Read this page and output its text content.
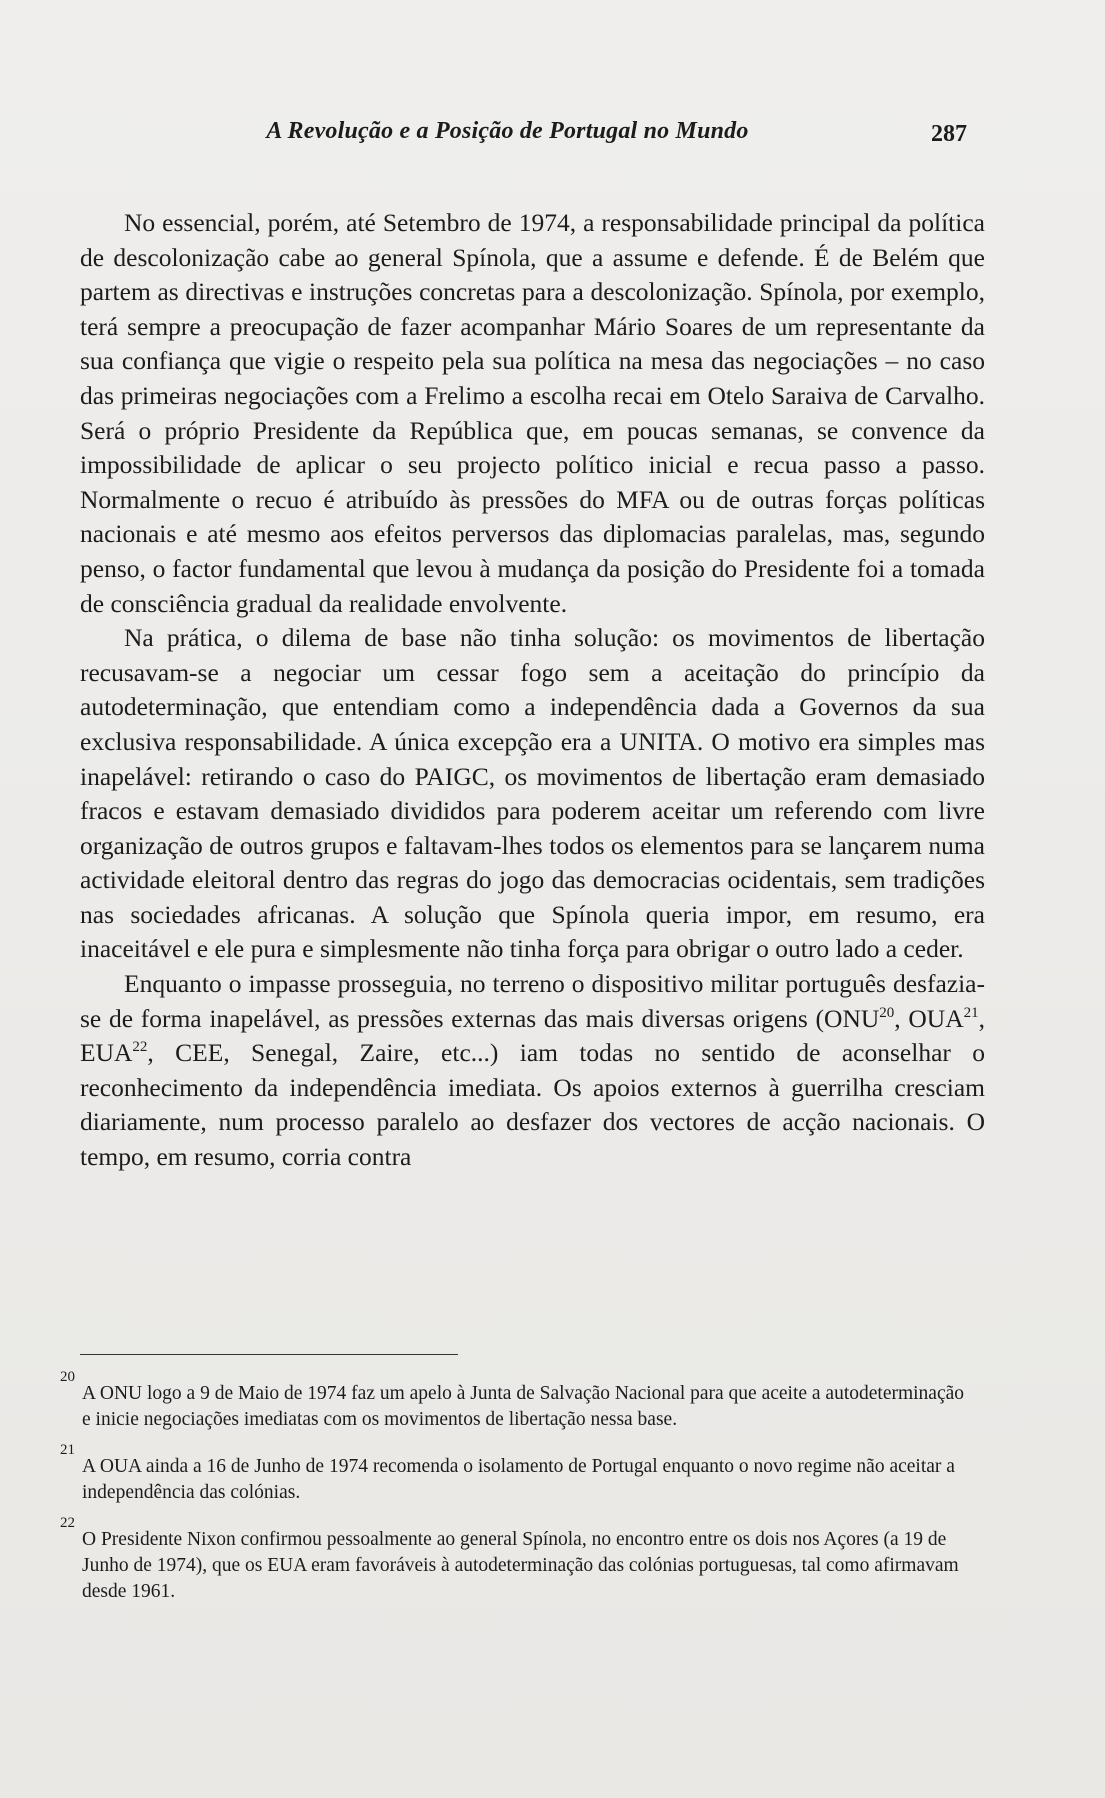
A Revolução e a Posição de Portugal no Mundo	287

No essencial, porém, até Setembro de 1974, a responsabilidade principal da política de descolonização cabe ao general Spínola, que a assume e defende. É de Belém que partem as directivas e instruções concretas para a descolonização. Spínola, por exemplo, terá sempre a preocupação de fazer acompanhar Mário Soares de um representante da sua confiança que vigie o respeito pela sua política na mesa das negociações – no caso das primeiras negociações com a Frelimo a escolha recai em Otelo Saraiva de Carvalho. Será o próprio Presidente da República que, em poucas semanas, se convence da impossibilidade de aplicar o seu projecto político inicial e recua passo a passo. Normalmente o recuo é atribuído às pressões do MFA ou de outras forças políticas nacionais e até mesmo aos efeitos perversos das diplomacias paralelas, mas, segundo penso, o factor fundamental que levou à mudança da posição do Presidente foi a tomada de consciência gradual da realidade envolvente.

Na prática, o dilema de base não tinha solução: os movimentos de libertação recusavam-se a negociar um cessar fogo sem a aceitação do princípio da autodeterminação, que entendiam como a independência dada a Governos da sua exclusiva responsabilidade. A única excepção era a UNITA. O motivo era simples mas inapelável: retirando o caso do PAIGC, os movimentos de libertação eram demasiado fracos e estavam demasiado divididos para poderem aceitar um referendo com livre organização de outros grupos e faltavam-lhes todos os elementos para se lançarem numa actividade eleitoral dentro das regras do jogo das democracias ocidentais, sem tradições nas sociedades africanas. A solução que Spínola queria impor, em resumo, era inaceitável e ele pura e simplesmente não tinha força para obrigar o outro lado a ceder.

Enquanto o impasse prosseguia, no terreno o dispositivo militar português desfazia-se de forma inapelável, as pressões externas das mais diversas origens (ONU$^{20}$, OUA$^{21}$, EUA$^{22}$, CEE, Senegal, Zaire, etc...) iam todas no sentido de aconselhar o reconhecimento da independência imediata. Os apoios externos à guerrilha cresciam diariamente, num processo paralelo ao desfazer dos vectores de acção nacionais. O tempo, em resumo, corria contra

20
A ONU logo a 9 de Maio de 1974 faz um apelo à Junta de Salvação Nacional para que aceite a autodeterminação e inicie negociações imediatas com os movimentos de libertação nessa base.
21
A OUA ainda a 16 de Junho de 1974 recomenda o isolamento de Portugal enquanto o novo regime não aceitar a independência das colónias.
22
O Presidente Nixon confirmou pessoalmente ao general Spínola, no encontro entre os dois nos Açores (a 19 de Junho de 1974), que os EUA eram favoráveis à autodeterminação das colónias portuguesas, tal como afirmavam desde 1961.
